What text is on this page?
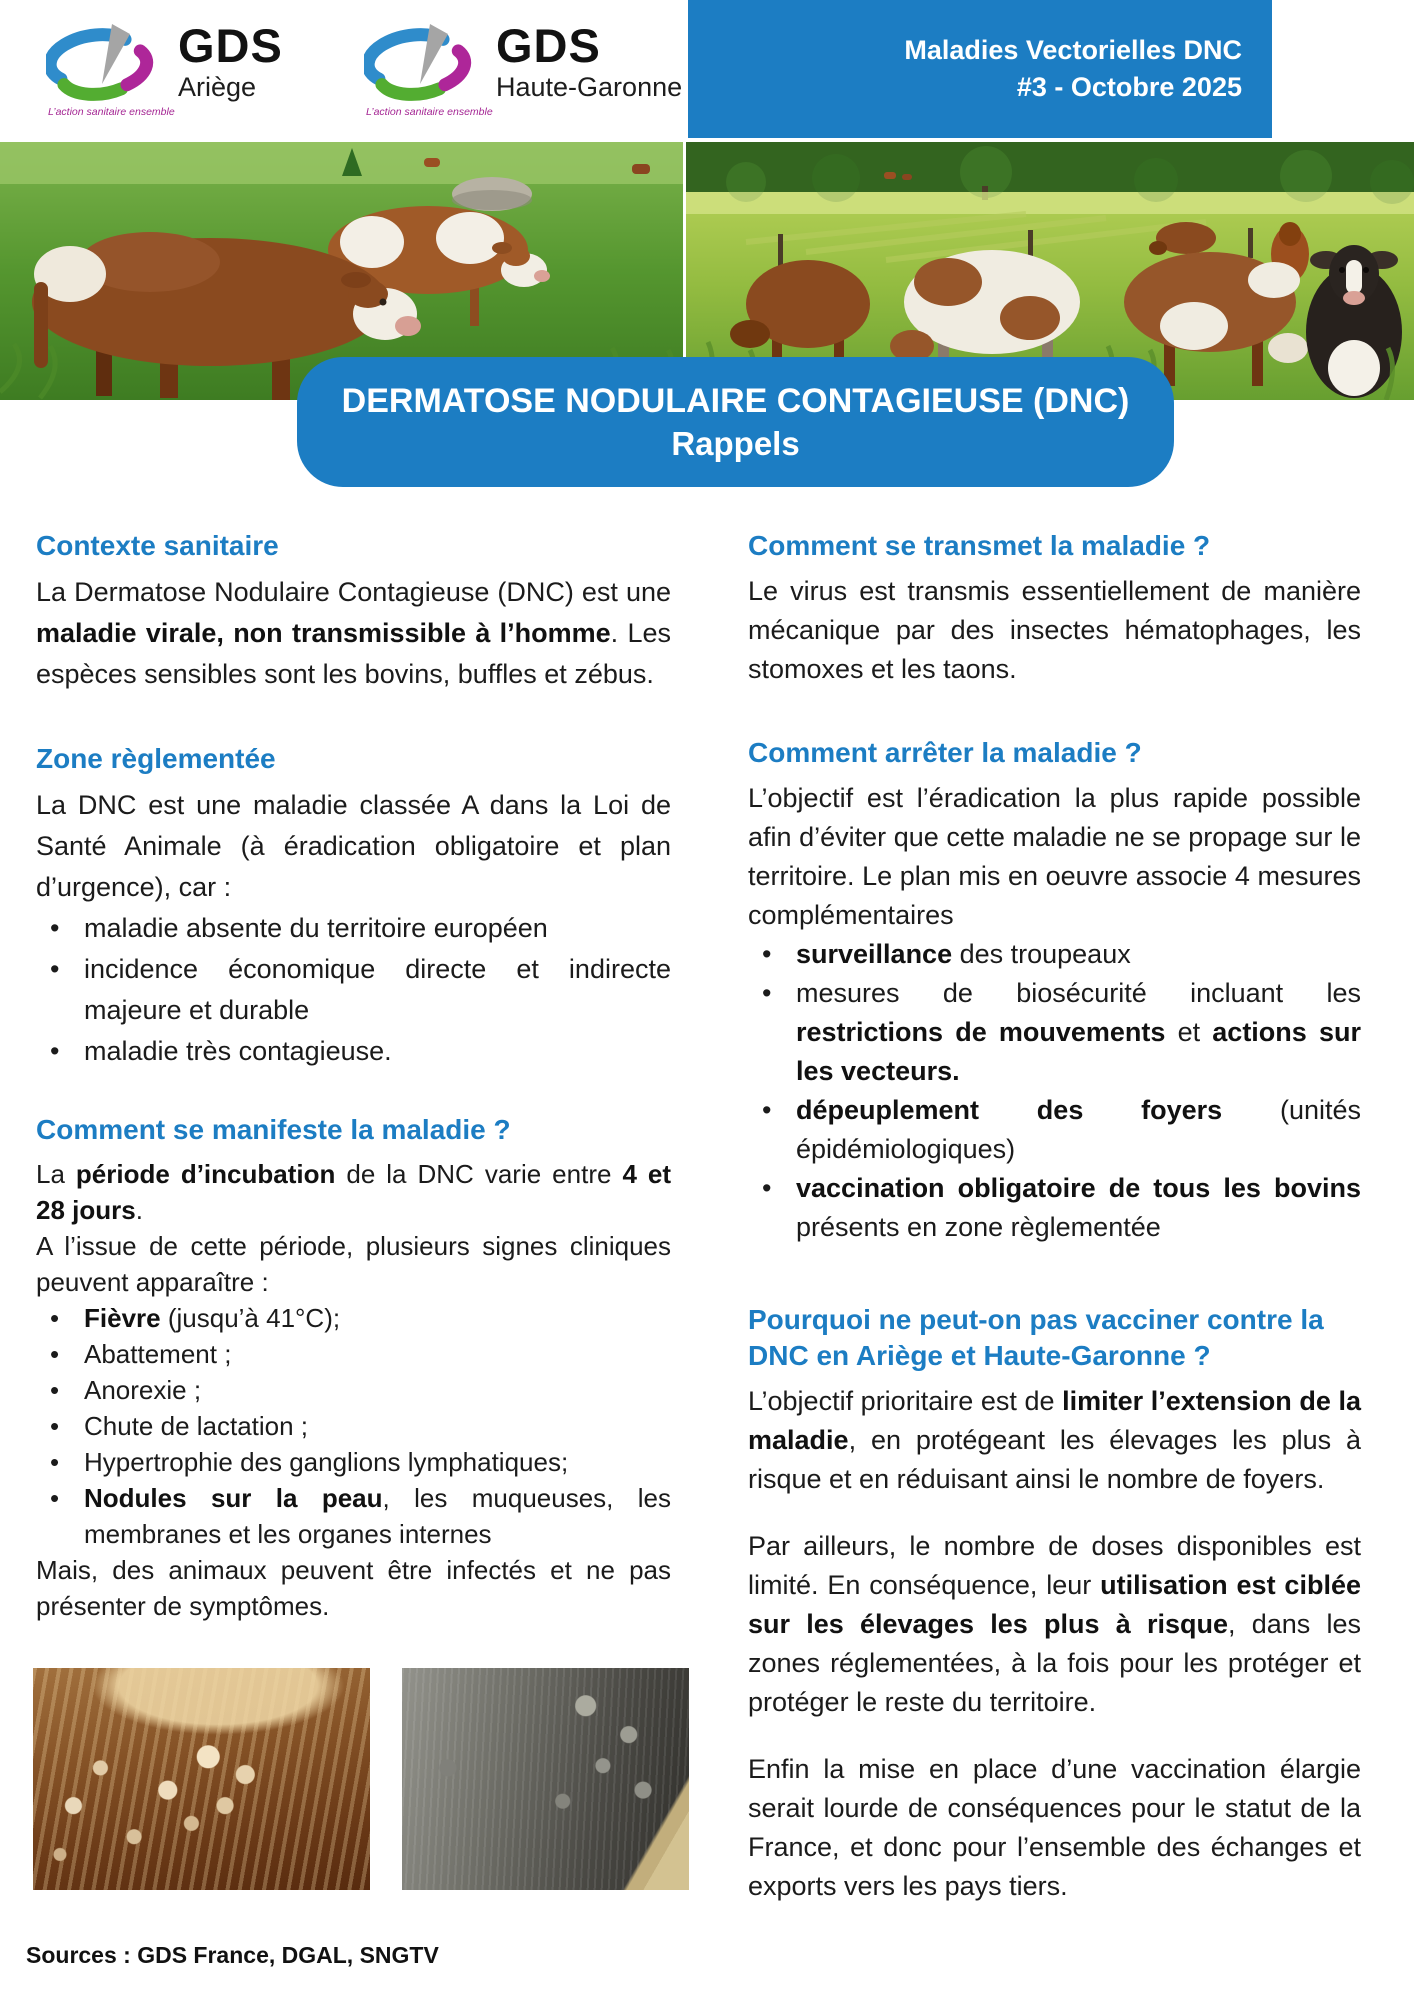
L’action sanitaire ensemble
GDS
Ariège
L’action sanitaire ensemble
GDS
Haute-Garonne
Maladies Vectorielles DNC
#3 - Octobre 2025
DERMATOSE NODULAIRE CONTAGIEUSE (DNC)
Rappels
Contexte sanitaire

La Dermatose Nodulaire Contagieuse (DNC) est une maladie virale, non transmissible à l’homme. Les espèces sensibles sont les bovins, buffles et zébus.

Zone règlementée

La DNC est une maladie classée A dans la Loi de Santé Animale (à éradication obligatoire et plan d’urgence), car :

• maladie absente du territoire européen
• incidence économique directe et indirecte majeure et durable
• maladie très contagieuse.
Comment se manifeste la maladie ?

La période d’incubation de la DNC varie entre 4 et 28 jours.

A l’issue de cette période, plusieurs signes cliniques peuvent apparaître :

• Fièvre (jusqu’à 41°C);
• Abattement ;
• Anorexie ;
• Chute de lactation ;
• Hypertrophie des ganglions lymphatiques;
• Nodules sur la peau, les muqueuses, les membranes et les organes internes

Mais, des animaux peuvent être infectés et ne pas présenter de symptômes.

Comment se transmet la maladie ?

Le virus est transmis essentiellement de manière mécanique par des insectes hématophages, les stomoxes et les taons.

Comment arrêter la maladie ?

L’objectif est l’éradication la plus rapide possible afin d’éviter que cette maladie ne se propage sur le territoire. Le plan mis en oeuvre associe 4 mesures complémentaires

• surveillance des troupeaux
• mesures de biosécurité incluant les restrictions de mouvements et actions sur les vecteurs.
• dépeuplement des foyers (unités épidémiologiques)
• vaccination obligatoire de tous les bovins présents en zone règlementée
Pourquoi ne peut-on pas vacciner contre la DNC en Ariège et Haute-Garonne ?

L’objectif prioritaire est de limiter l’extension de la maladie, en protégeant les élevages les plus à risque et en réduisant ainsi le nombre de foyers.

Par ailleurs, le nombre de doses disponibles est limité. En conséquence, leur utilisation est ciblée sur les élevages les plus à risque, dans les zones réglementées, à la fois pour les protéger et protéger le reste du territoire.

Enfin la mise en place d’une vaccination élargie serait lourde de conséquences pour le statut de la France, et donc pour l’ensemble des échanges et exports vers les pays tiers.

Sources : GDS France, DGAL, SNGTV
